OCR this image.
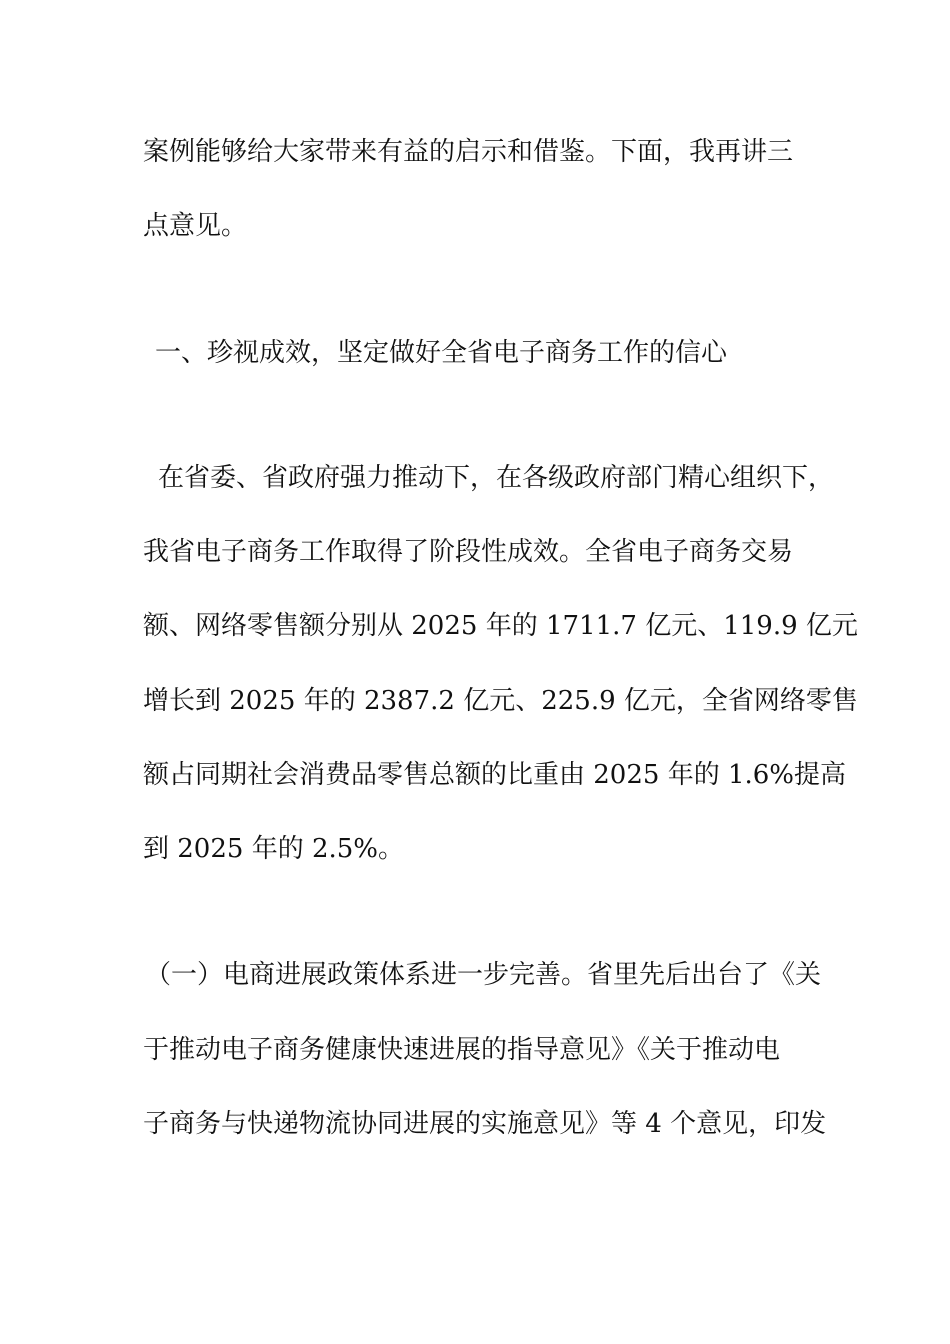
案例能够给大家带来有益的启示和借鉴。下面，我再讲三
点意见。
一、珍视成效，坚定做好全省电子商务工作的信心
在省委、省政府强力推动下，在各级政府部门精心组织下，
我省电子商务工作取得了阶段性成效。全省电子商务交易
额、网络零售额分别从 2025 年的 1711.7 亿元、119.9 亿元
增长到 2025 年的 2387.2 亿元、225.9 亿元，全省网络零售
额占同期社会消费品零售总额的比重由 2025 年的 1.6%提高
到 2025 年的 2.5%。
（一）电商进展政策体系进一步完善。省里先后出台了《关
于推动电子商务健康快速进展的指导意见》《关于推动电
子商务与快递物流协同进展的实施意见》等 4 个意见，印发
